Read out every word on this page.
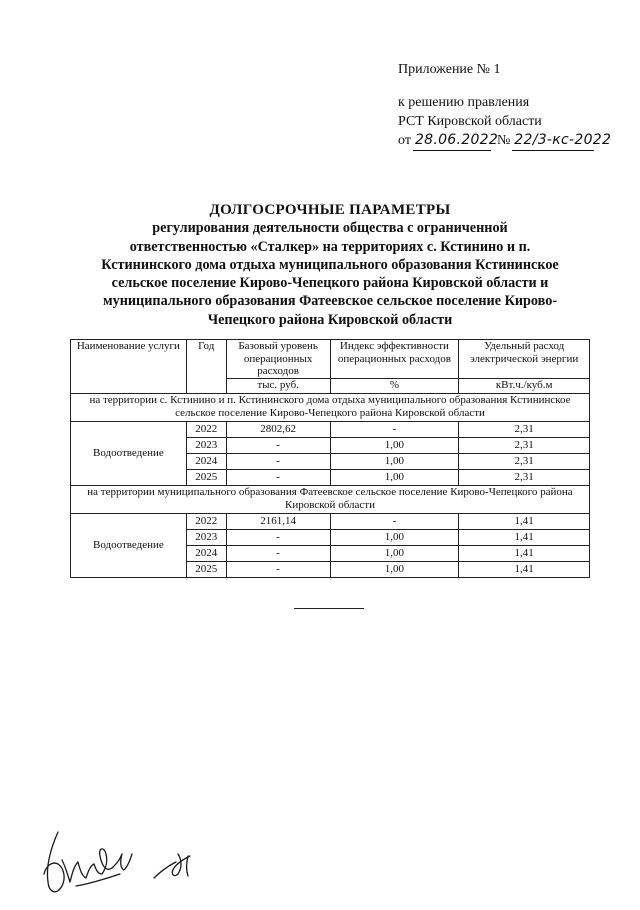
Приложение № 1
к решению правления
РСТ Кировской области
от 28.06.2022
№ 22/3-кс-2022
ДОЛГОСРОЧНЫЕ ПАРАМЕТРЫ
регулирования деятельности общества с ограниченной
ответственностью «Сталкер» на территориях с. Кстинино и п.
Кстининского дома отдыха муниципального образования Кстининское
сельское поселение Кирово-Чепецкого района Кировской области и
муниципального образования Фатеевское сельское поселение Кирово-
Чепецкого района Кировской области
Наименование услуги	Год	Базовый уровень операционных расходов	Индекс эффективности операционных расходов	Удельный расход электрической энергии
		тыс. руб.	%	кВт.ч./куб.м
на территории с. Кстинино и п. Кстининского дома отдыха муниципального образования Кстининское сельское поселение Кирово-Чепецкого района Кировской области				
Водоотведение	2022	2802,62	-	2,31
	2023	-	1,00	2,31
	2024	-	1,00	2,31
	2025	-	1,00	2,31
на территории муниципального образования Фатеевское сельское поселение Кирово-Чепецкого района Кировской области				
Водоотведение	2022	2161,14	-	1,41
	2023	-	1,00	1,41
	2024	-	1,00	1,41
	2025	-	1,00	1,41
